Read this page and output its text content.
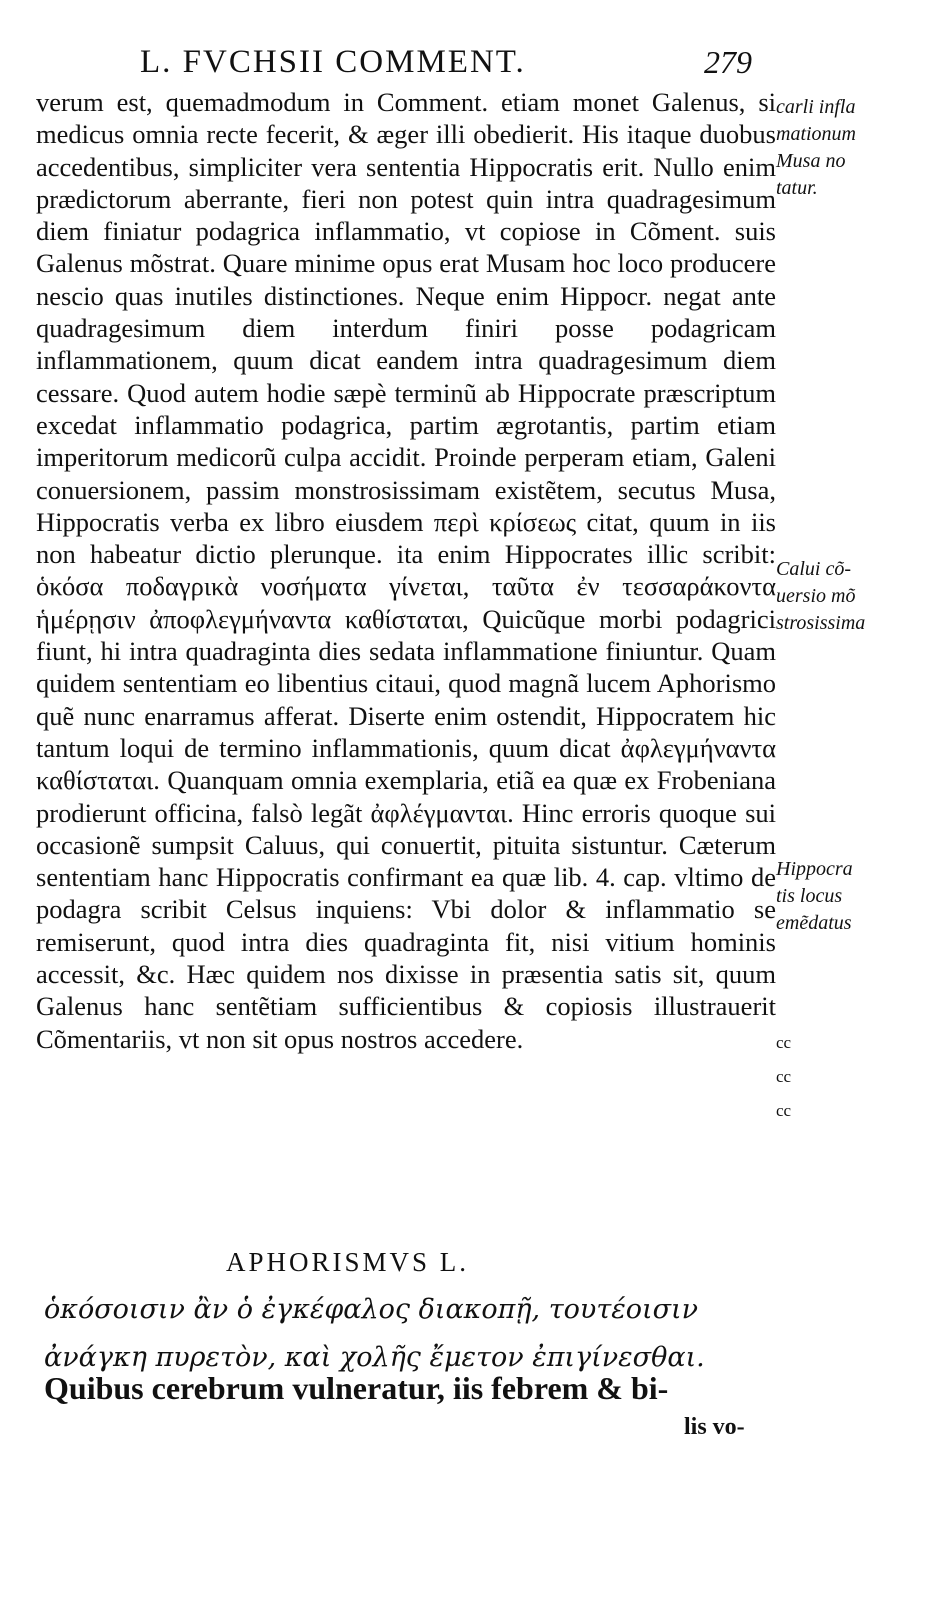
L. FVCHSII COMMENT.	279

verum est, quemadmodum in Comment. etiam monet Galenus, si medicus omnia recte fecerit, & æger illi obedierit. His itaque duobus accedentibus, simpliciter vera sententia Hippocratis erit. Nullo enim prædictorum aberrante, fieri non potest quin intra quadragesimum diem finiatur podagrica inflammatio, vt copiose in Cõment. suis Galenus mõstrat. Quare minime opus erat Musam hoc loco producere nescio quas inutiles distinctiones. Neque enim Hippocr. negat ante quadragesimum diem interdum finiri posse podagricam inflammationem, quum dicat eandem intra quadragesimum diem cessare. Quod autem hodie sæpè terminũ ab Hippocrate præscriptum excedat inflammatio podagrica, partim ægrotantis, partim etiam imperitorum medicorũ culpa accidit. Proinde perperam etiam, Galeni conuersionem, passim monstrosissimam existẽtem, secutus Musa, Hippocratis verba ex libro eiusdem περὶ κρίσεως citat, quum in iis non habeatur dictio plerunque. ita enim Hippocrates illic scribit: ὁκόσα ποδαγρικὰ νοσήματα γίνεται, ταῦτα ἐν τεσσαράκοντα ἡμέρῃσιν ἀποφλεγμήναντα καθίσταται, Quicũque morbi podagrici fiunt, hi intra quadraginta dies sedata inflammatione finiuntur. Quam quidem sententiam eo libentius citaui, quod magnã lucem Aphorismo quẽ nunc enarramus afferat. Diserte enim ostendit, Hippocratem hic tantum loqui de termino inflammationis, quum dicat ἀφλεγμήναντα καθίσταται. Quanquam omnia exemplaria, etiã ea quæ ex Frobeniana prodierunt officina, falsò legãt ἀφλέγμανται. Hinc erroris quoque sui occasionẽ sumpsit Caluus, qui conuertit, pituita sistuntur. Cæterum sententiam hanc Hippocratis confirmant ea quæ lib. 4. cap. vltimo de podagra scribit Celsus inquiens: Vbi dolor & inflammatio se remiserunt, quod intra dies quadraginta fit, nisi vitium hominis accessit, &c. Hæc quidem nos dixisse in præsentia satis sit, quum Galenus hanc sentẽtiam sufficientibus & copiosis illustrauerit Cõmentariis, vt non sit opus nostros accedere.

carli infla
mationum
Musa no
tatur.
Calui cõ-
uersio mõ
strosissima
Hippocra
tis locus
emẽdatus
cc
cc
cc
APHORISMVS L.
ὁκόσοισιν ἂν ὁ ἐγκέφαλος διακοπῇ, τουτέοισιν
ἀνάγκη πυρετὸν, καὶ χολῆς ἔμετον ἐπιγίνεσθαι.
Quibus cerebrum vulneratur, iis febrem & bi-
lis vo-
